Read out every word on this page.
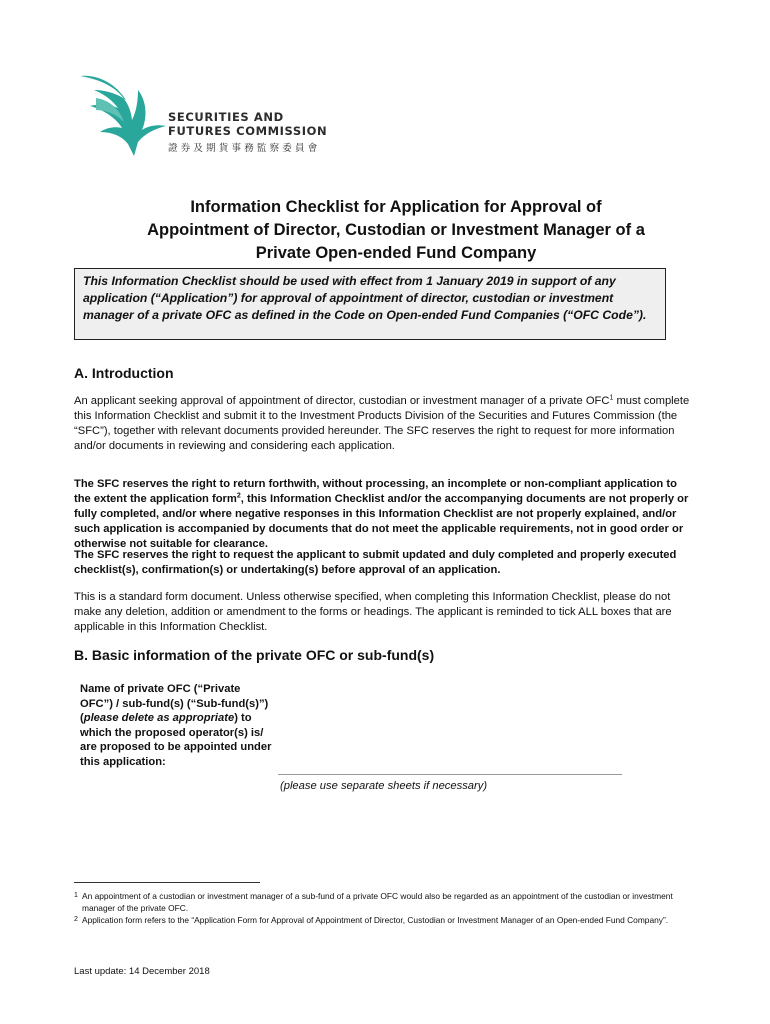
SECURITIES AND
FUTURES COMMISSION
證券及期貨事務監察委員會
Information Checklist for Application for Approval of
Appointment of Director, Custodian or Investment Manager of a
Private Open-ended Fund Company
This Information Checklist should be used with effect from 1 January 2019 in support of any application (“Application”) for approval of appointment of director, custodian or investment manager of a private OFC as defined in the Code on Open-ended Fund Companies (“OFC Code”).
A. Introduction
An applicant seeking approval of appointment of director, custodian or investment manager of a private OFC$^1$ must complete this Information Checklist and submit it to the Investment Products Division of the Securities and Futures Commission (the “SFC”), together with relevant documents provided hereunder. The SFC reserves the right to request for more information and/or documents in reviewing and considering each application.
The SFC reserves the right to return forthwith, without processing, an incomplete or non-compliant application to the extent the application form$^2$, this Information Checklist and/or the accompanying documents are not properly or fully completed, and/or where negative responses in this Information Checklist are not properly explained, and/or such application is accompanied by documents that do not meet the applicable requirements, not in good order or otherwise not suitable for clearance.
The SFC reserves the right to request the applicant to submit updated and duly completed and properly executed checklist(s), confirmation(s) or undertaking(s) before approval of an application.
This is a standard form document. Unless otherwise specified, when completing this Information Checklist, please do not make any deletion, addition or amendment to the forms or headings. The applicant is reminded to tick ALL boxes that are applicable in this Information Checklist.
B. Basic information of the private OFC or sub-fund(s)
Name of private OFC (“Private OFC”) / sub-fund(s) (“Sub-fund(s)”) (please delete as appropriate) to which the proposed operator(s) is/ are proposed to be appointed under this application:
(please use separate sheets if necessary)
1 An appointment of a custodian or investment manager of a sub-fund of a private OFC would also be regarded as an appointment of the custodian or investment manager of the private OFC.
2 Application form refers to the “Application Form for Approval of Appointment of Director, Custodian or Investment Manager of an Open-ended Fund Company”.
Last update: 14 December 2018
